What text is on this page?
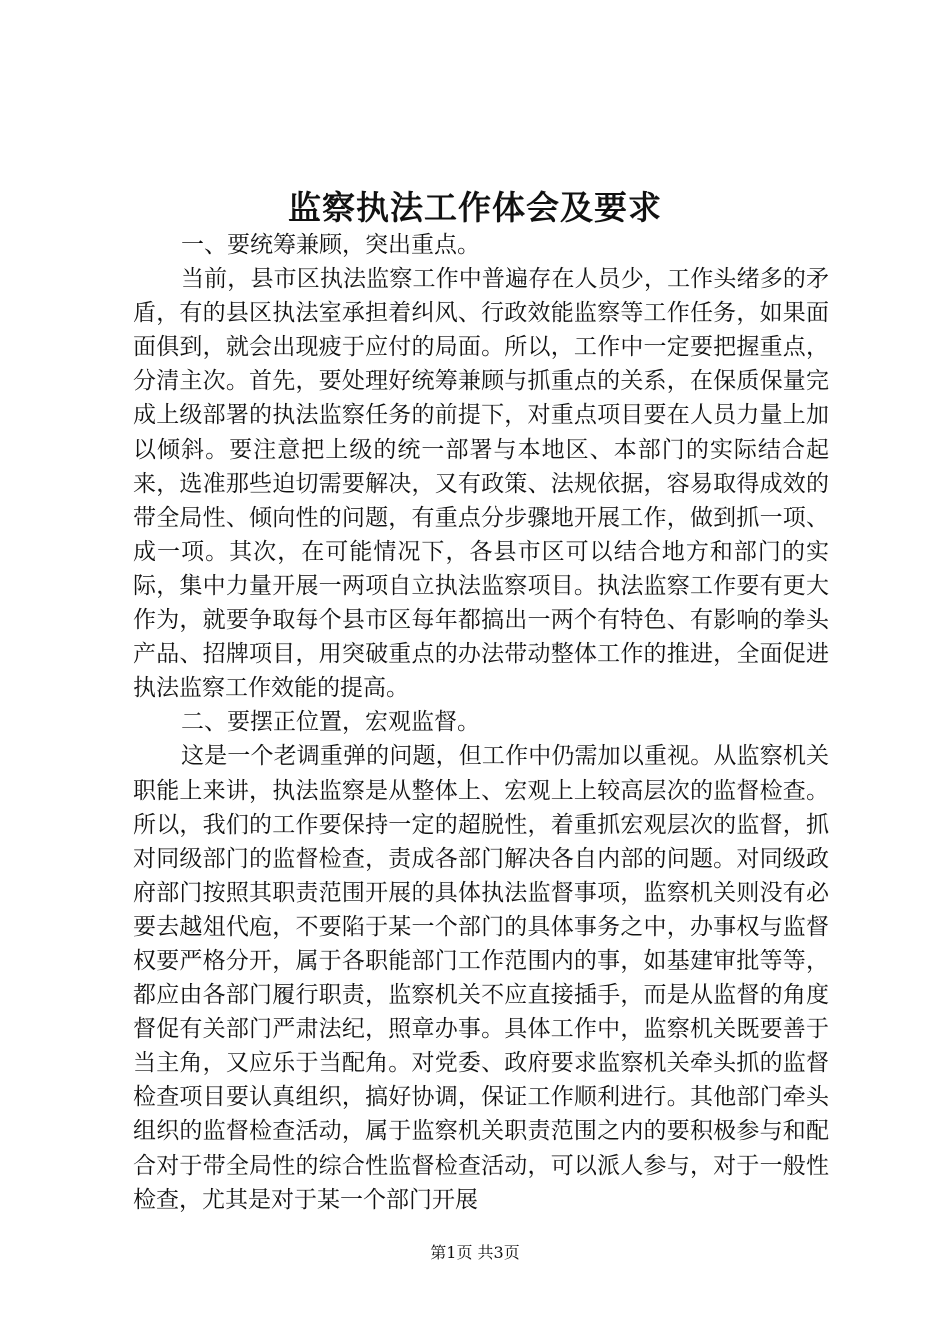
监察执法工作体会及要求

一、要统筹兼顾，突出重点。

当前，县市区执法监察工作中普遍存在人员少，工作头绪多的矛盾，有的县区执法室承担着纠风、行政效能监察等工作任务，如果面面俱到，就会出现疲于应付的局面。所以，工作中一定要把握重点，分清主次。首先，要处理好统筹兼顾与抓重点的关系，在保质保量完成上级部署的执法监察任务的前提下，对重点项目要在人员力量上加以倾斜。要注意把上级的统一部署与本地区、本部门的实际结合起来，选准那些迫切需要解决，又有政策、法规依据，容易取得成效的带全局性、倾向性的问题，有重点分步骤地开展工作，做到抓一项、成一项。其次，在可能情况下，各县市区可以结合地方和部门的实际，集中力量开展一两项自立执法监察项目。执法监察工作要有更大作为，就要争取每个县市区每年都搞出一两个有特色、有影响的拳头产品、招牌项目，用突破重点的办法带动整体工作的推进，全面促进执法监察工作效能的提高。

二、要摆正位置，宏观监督。

这是一个老调重弹的问题，但工作中仍需加以重视。从监察机关职能上来讲，执法监察是从整体上、宏观上上较高层次的监督检查。所以，我们的工作要保持一定的超脱性，着重抓宏观层次的监督，抓对同级部门的监督检查，责成各部门解决各自内部的问题。对同级政府部门按照其职责范围开展的具体执法监督事项，监察机关则没有必要去越俎代庖，不要陷于某一个部门的具体事务之中，办事权与监督权要严格分开，属于各职能部门工作范围内的事，如基建审批等等，都应由各部门履行职责，监察机关不应直接插手，而是从监督的角度督促有关部门严肃法纪，照章办事。具体工作中，监察机关既要善于当主角，又应乐于当配角。对党委、政府要求监察机关牵头抓的监督检查项目要认真组织，搞好协调，保证工作顺利进行。其他部门牵头组织的监督检查活动，属于监察机关职责范围之内的要积极参与和配合对于带全局性的综合性监督检查活动，可以派人参与，对于一般性检查，尤其是对于某一个部门开展

第1页 共3页
